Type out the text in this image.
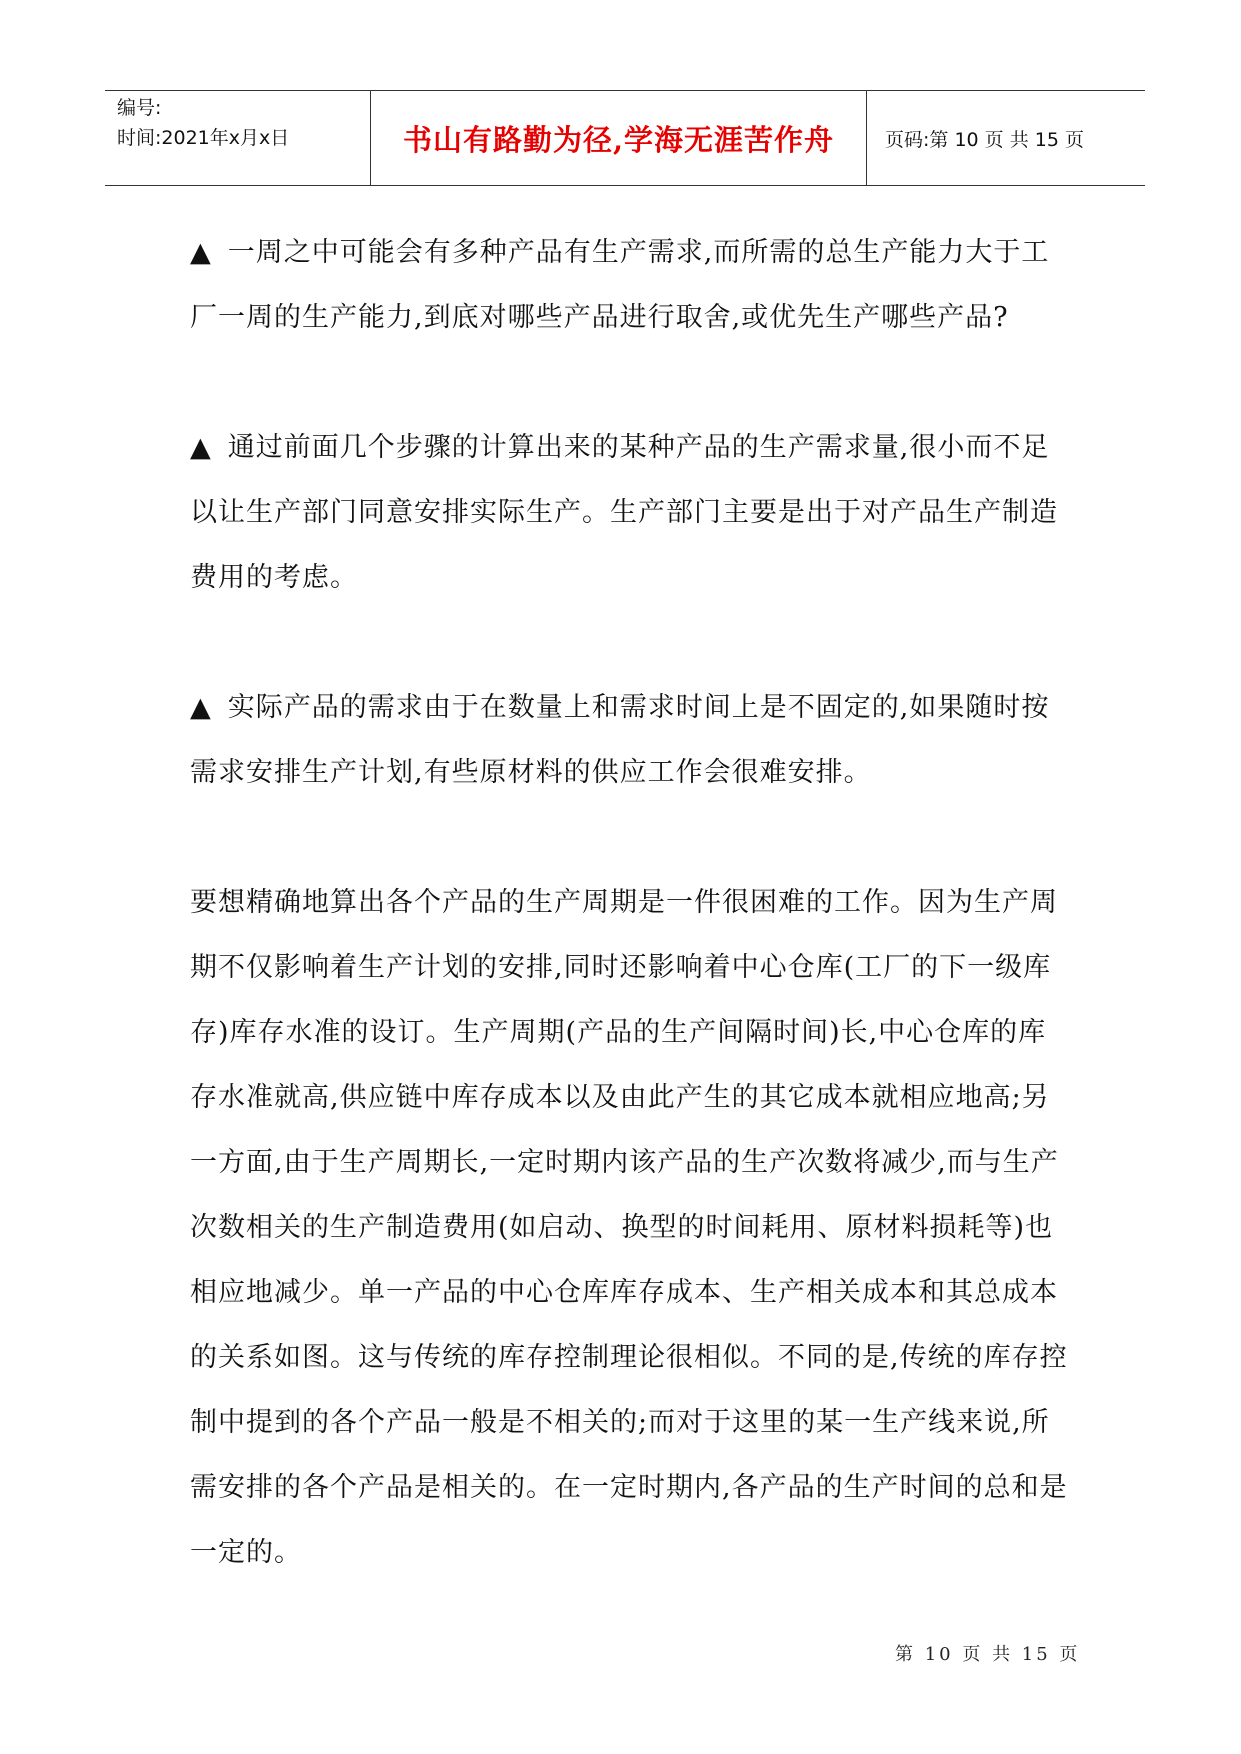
编号:
时间:2021年x月x日	书山有路勤为径,学海无涯苦作舟	页码:第 10 页 共 15 页

▲ 一周之中可能会有多种产品有生产需求,而所需的总生产能力大于工厂一周的生产能力,到底对哪些产品进行取舍,或优先生产哪些产品?

▲ 通过前面几个步骤的计算出来的某种产品的生产需求量,很小而不足以让生产部门同意安排实际生产。生产部门主要是出于对产品生产制造费用的考虑。

▲ 实际产品的需求由于在数量上和需求时间上是不固定的,如果随时按需求安排生产计划,有些原材料的供应工作会很难安排。

要想精确地算出各个产品的生产周期是一件很困难的工作。因为生产周期不仅影响着生产计划的安排,同时还影响着中心仓库(工厂的下一级库存)库存水准的设订。生产周期(产品的生产间隔时间)长,中心仓库的库存水准就高,供应链中库存成本以及由此产生的其它成本就相应地高;另一方面,由于生产周期长,一定时期内该产品的生产次数将减少,而与生产次数相关的生产制造费用(如启动、换型的时间耗用、原材料损耗等)也相应地减少。单一产品的中心仓库库存成本、生产相关成本和其总成本的关系如图。这与传统的库存控制理论很相似。不同的是,传统的库存控制中提到的各个产品一般是不相关的;而对于这里的某一生产线来说,所需安排的各个产品是相关的。在一定时期内,各产品的生产时间的总和是一定的。

第 10 页 共 15 页
